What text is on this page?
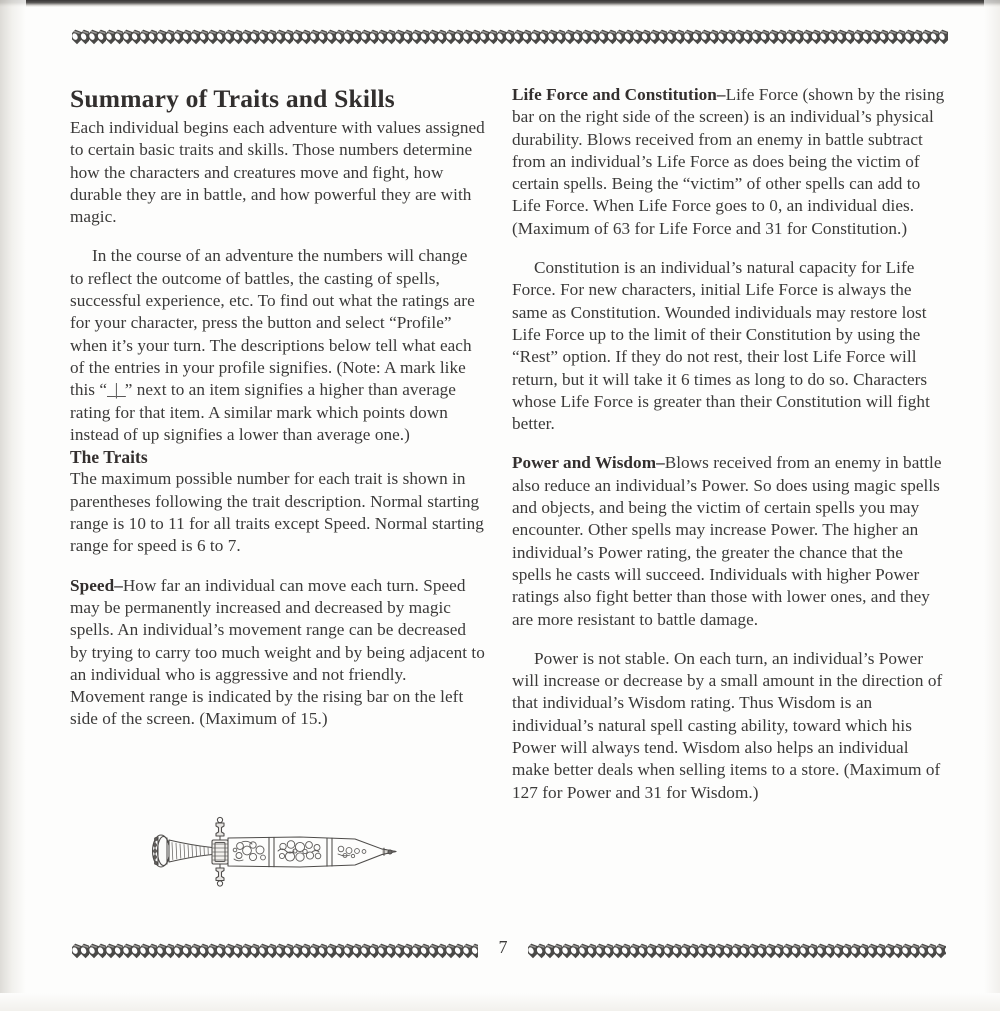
Summary of Traits and Skills

Each individual begins each adventure with values assigned to certain basic traits and skills. Those numbers determine how the characters and creatures move and fight, how durable they are in battle, and how powerful they are with magic.

In the course of an adventure the numbers will change to reflect the outcome of battles, the casting of spells, successful experience, etc. To find out what the ratings are for your character, press the button and select “Profile” when it’s your turn. The descriptions below tell what each of the entries in your profile signifies. (Note: A mark like this “_|_” next to an item signifies a higher than average rating for that item. A similar mark which points down instead of up signifies a lower than average one.)

The Traits

The maximum possible number for each trait is shown in parentheses following the trait description. Normal starting range is 10 to 11 for all traits except Speed. Normal starting range for speed is 6 to 7.

Speed–How far an individual can move each turn. Speed may be permanently increased and decreased by magic spells. An individual’s movement range can be decreased by trying to carry too much weight and by being adjacent to an individual who is aggressive and not friendly. Movement range is indicated by the rising bar on the left side of the screen. (Maximum of 15.)

Life Force and Constitution–Life Force (shown by the rising bar on the right side of the screen) is an individual’s physical durability. Blows received from an enemy in battle subtract from an individual’s Life Force as does being the victim of certain spells. Being the “victim” of other spells can add to Life Force. When Life Force goes to 0, an individual dies. (Maximum of 63 for Life Force and 31 for Constitution.)

Constitution is an individual’s natural capacity for Life Force. For new characters, initial Life Force is always the same as Constitution. Wounded individuals may restore lost Life Force up to the limit of their Constitution by using the “Rest” option. If they do not rest, their lost Life Force will return, but it will take it 6 times as long to do so. Characters whose Life Force is greater than their Constitution will fight better.

Power and Wisdom–Blows received from an enemy in battle also reduce an individual’s Power. So does using magic spells and objects, and being the victim of certain spells you may encounter. Other spells may increase Power. The higher an individual’s Power rating, the greater the chance that the spells he casts will succeed. Individuals with higher Power ratings also fight better than those with lower ones, and they are more resistant to battle damage.

Power is not stable. On each turn, an individual’s Power will increase or decrease by a small amount in the direction of that individual’s Wisdom rating. Thus Wisdom is an individual’s natural spell casting ability, toward which his Power will always tend. Wisdom also helps an individual make better deals when selling items to a store. (Maximum of 127 for Power and 31 for Wisdom.)

7
